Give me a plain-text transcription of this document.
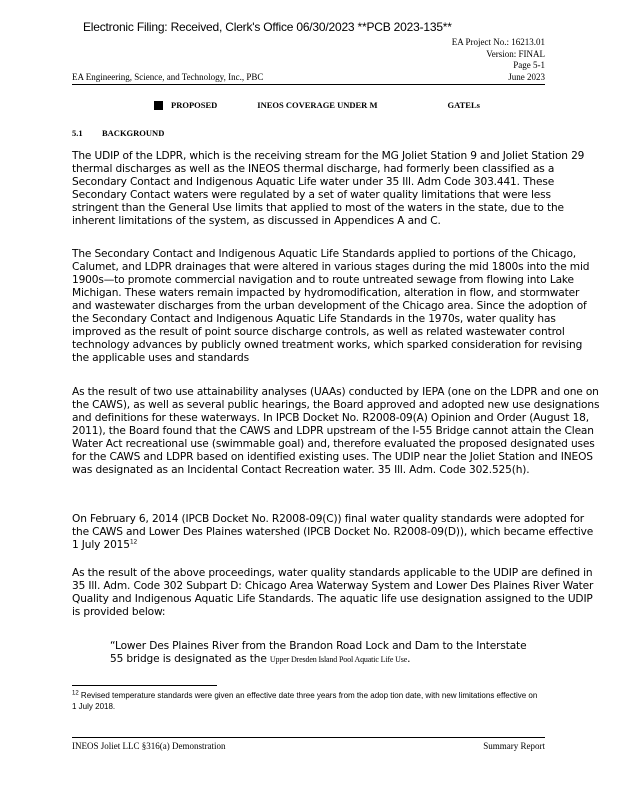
Electronic Filing: Received, Clerk's Office 06/30/2023 **PCB 2023-135**
EA Project No.: 16213.01
Version: FINAL
Page 5-1
June 2023
EA Engineering, Science, and Technology, Inc., PBC
PROPOSED	INEOS COVERAGE UNDER M	GATELs
5.1 BACKGROUND

The UDIP of the LDPR, which is the receiving stream for the MG Joliet Station 9 and Joliet Station 29 thermal discharges as well as the INEOS thermal discharge, had formerly been classified as a Secondary Contact and Indigenous Aquatic Life water under 35 Ill. Adm Code 303.441. These Secondary Contact waters were regulated by a set of water quality limitations that were less stringent than the General Use limits that applied to most of the waters in the state, due to the inherent limitations of the system, as discussed in Appendices A and C.

The Secondary Contact and Indigenous Aquatic Life Standards applied to portions of the Chicago, Calumet, and LDPR drainages that were altered in various stages during the mid 1800s into the mid 1900s—to promote commercial navigation and to route untreated sewage from flowing into Lake Michigan. These waters remain impacted by hydromodification, alteration in flow, and stormwater and wastewater discharges from the urban development of the Chicago area. Since the adoption of the Secondary Contact and Indigenous Aquatic Life Standards in the 1970s, water quality has improved as the result of point source discharge controls, as well as related wastewater control technology advances by publicly owned treatment works, which sparked consideration for revising the applicable uses and standards

As the result of two use attainability analyses (UAAs) conducted by IEPA (one on the LDPR and one on the CAWS), as well as several public hearings, the Board approved and adopted new use designations and definitions for these waterways. In IPCB Docket No. R2008-09(A) Opinion and Order (August 18, 2011), the Board found that the CAWS and LDPR upstream of the I-55 Bridge cannot attain the Clean Water Act recreational use (swimmable goal) and, therefore evaluated the proposed designated uses for the CAWS and LDPR based on identified existing uses. The UDIP near the Joliet Station and INEOS was designated as an Incidental Contact Recreation water. 35 Ill. Adm. Code 302.525(h).

On February 6, 2014 (IPCB Docket No. R2008-09(C)) final water quality standards were adopted for the CAWS and Lower Des Plaines watershed (IPCB Docket No. R2008-09(D)), which became effective 1 July 2015$^{12}$

As the result of the above proceedings, water quality standards applicable to the UDIP are defined in 35 Ill. Adm. Code 302 Subpart D: Chicago Area Waterway System and Lower Des Plaines River Water Quality and Indigenous Aquatic Life Standards. The aquatic life use designation assigned to the UDIP is provided below:

“Lower Des Plaines River from the Brandon Road Lock and Dam to the Interstate 55 bridge is designated as the Upper Dresden Island Pool Aquatic Life Use.
$^{12}$ Revised temperature standards were given an effective date three years from the adop tion date, with new limitations effective on 1 July 2018.
INEOS Joliet LLC §316(a) Demonstration	Summary Report
